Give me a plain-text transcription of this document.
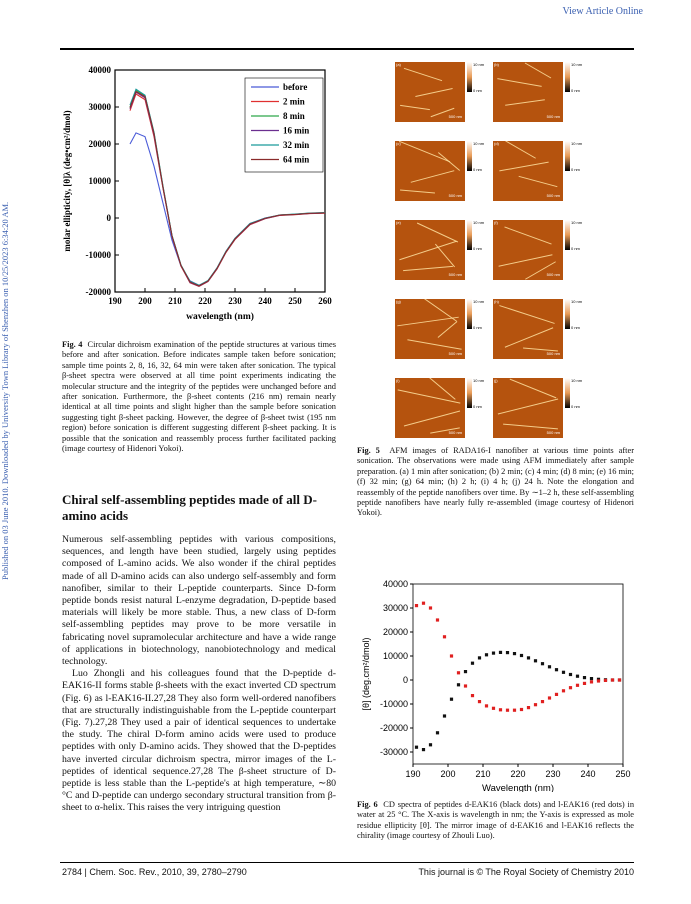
View Article Online
Published on 03 June 2010. Downloaded by University Town Library of Shenzhen on 10/25/2023 6:34:20 AM.	190 200 210 220 230 240 250 260
40000
30000
20000
10000
0
-10000
-20000
wavelength (nm)
molar ellipticity, [θ]λ (deg•cm²/dmol)
before
2 min
8 min
16 min
32 min
64 min
Fig. 4 Circular dichroism examination of the peptide structures at various times before and after sonication. Before indicates sample taken before sonication; sample time points 2, 8, 16, 32, 64 min were taken after sonication. The typical β-sheet spectra were observed at all time point experiments indicating the molecular structure and the integrity of the peptides were unchanged before and after sonication. Furthermore, the β-sheet contents (216 nm) remain nearly identical at all time points and slight higher than the sample before sonication suggesting tight β-sheet packing. However, the degree of β-sheet twist (195 nm region) before sonication is different suggesting different β-sheet packing. It is possible that the sonication and reassembly process further facilitated packing (image courtesy of Hidenori Yokoi).
Chiral self-assembling peptides made of all D-amino acids

Numerous self-assembling peptides with various compositions, sequences, and length have been studied, largely using peptides composed of L-amino acids. We also wonder if the chiral peptides made of all D-amino acids can also undergo self-assembly and form nanofiber, similar to their L-peptide counterparts. Since D-form peptide bonds resist natural L-enzyme degradation, D-peptide based materials will likely be more stable. Thus, a new class of D-form self-assembling peptides may prove to be more versatile in fabricating novel supramolecular architecture and have a wide range of applications in biotechnology, nanobiotechnology and medical technology.

Luo Zhongli and his colleagues found that the D-peptide d-EAK16-II forms stable β-sheets with the exact inverted CD spectrum (Fig. 6) as l-EAK16-II.27,28 They also form well-ordered nanofibers that are structurally indistinguishable from the L-peptide counterpart (Fig. 7).27,28 They used a pair of identical sequences to undertake the study. The chiral D-form amino acids were used to produce peptides with only D-amino acids. They showed that the D-peptides have inverted circular dichroism spectra, mirror images of the L-peptides of identical sequence.27,28 The β-sheet structure of D-peptide is less stable than the L-peptide's at high temperature, ∼80 °C and D-peptide can undergo secondary structural transition from β-sheet to α-helix. This raises the very intriguing question

(a)
500 nm
10 nm
0 nm
(b)
500 nm
10 nm
0 nm
(c)
500 nm
10 nm
0 nm
(d)
500 nm
10 nm
0 nm
(e)
500 nm
10 nm
0 nm
(f)
500 nm
10 nm
0 nm
(g)
500 nm
10 nm
0 nm
(h)
500 nm
10 nm
0 nm
(i)
500 nm
10 nm
0 nm
(j)
500 nm
10 nm
0 nm
Fig. 5 AFM images of RADA16-I nanofiber at various time points after sonication. The observations were made using AFM immediately after sample preparation. (a) 1 min after sonication; (b) 2 min; (c) 4 min; (d) 8 min; (e) 16 min; (f) 32 min; (g) 64 min; (h) 2 h; (i) 4 h; (j) 24 h. Note the elongation and reassembly of the peptide nanofibers over time. By ∼1–2 h, these self-assembling peptide nanofibers have nearly fully re-assembled (image courtesy of Hidenori Yokoi).
190 200 210 220 230 240 250
40000
30000
20000
10000
0
-10000
-20000
-30000
Wavelength (nm)
[θ] (deg.cm²/dmol)
Fig. 6 CD spectra of peptides d-EAK16 (black dots) and l-EAK16 (red dots) in water at 25 °C. The X-axis is wavelength in nm; the Y-axis is expressed as mole residue ellipticity [θ]. The mirror image of d-EAK16 and l-EAK16 reflects the chirality (image courtesy of Zhouli Luo).
2784 | Chem. Soc. Rev., 2010, 39, 2780–2790	This journal is © The Royal Society of Chemistry 2010
